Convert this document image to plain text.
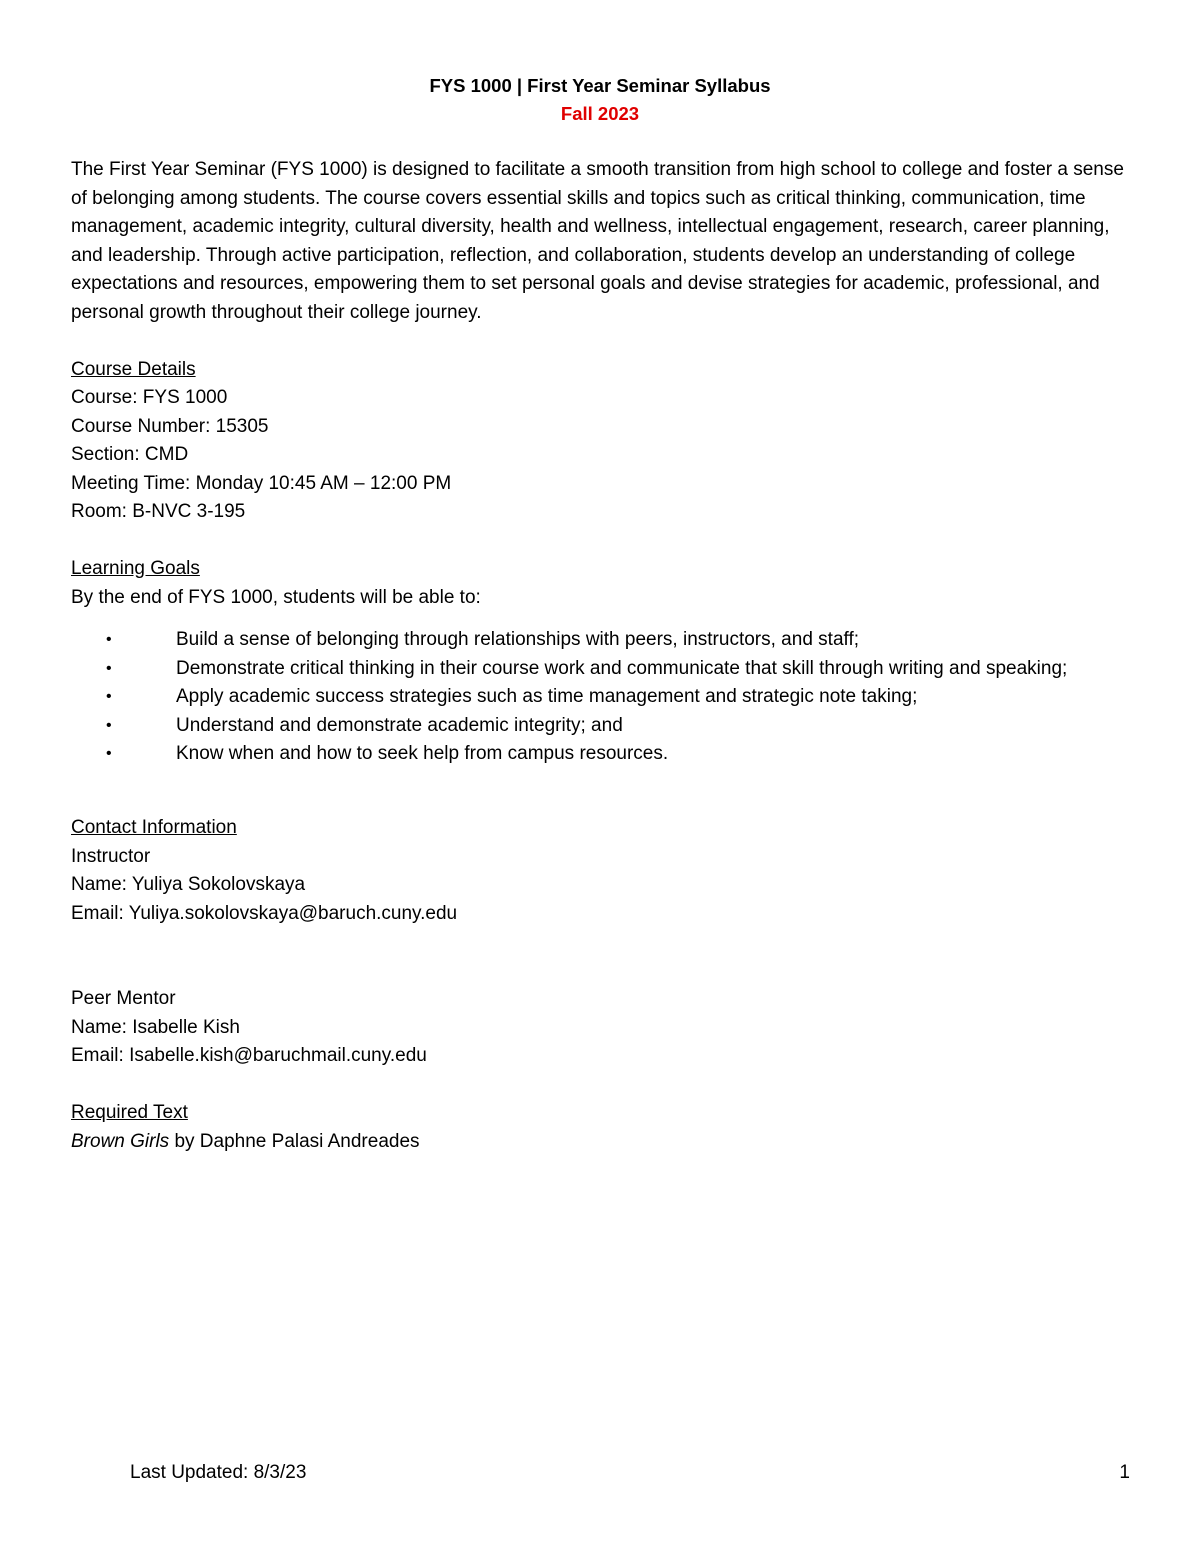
FYS 1000 | First Year Seminar Syllabus

Fall 2023

The First Year Seminar (FYS 1000) is designed to facilitate a smooth transition from high school to college and foster a sense of belonging among students. The course covers essential skills and topics such as critical thinking, communication, time management, academic integrity, cultural diversity, health and wellness, intellectual engagement, research, career planning, and leadership. Through active participation, reflection, and collaboration, students develop an understanding of college expectations and resources, empowering them to set personal goals and devise strategies for academic, professional, and personal growth throughout their college journey.

Course Details

Course: FYS 1000

Course Number: 15305

Section: CMD

Meeting Time: Monday 10:45 AM – 12:00 PM

Room: B-NVC 3-195

Learning Goals

By the end of FYS 1000, students will be able to:

•	Build a sense of belonging through relationships with peers, instructors, and staff;
•	Demonstrate critical thinking in their course work and communicate that skill through writing and speaking;
•	Apply academic success strategies such as time management and strategic note taking;
•	Understand and demonstrate academic integrity; and
•	Know when and how to seek help from campus resources.

Contact Information

Instructor

Name: Yuliya Sokolovskaya

Email: Yuliya.sokolovskaya@baruch.cuny.edu

Peer Mentor

Name: Isabelle Kish

Email: Isabelle.kish@baruchmail.cuny.edu

Required Text

Brown Girls by Daphne Palasi Andreades

Last Updated: 8/3/23	1
